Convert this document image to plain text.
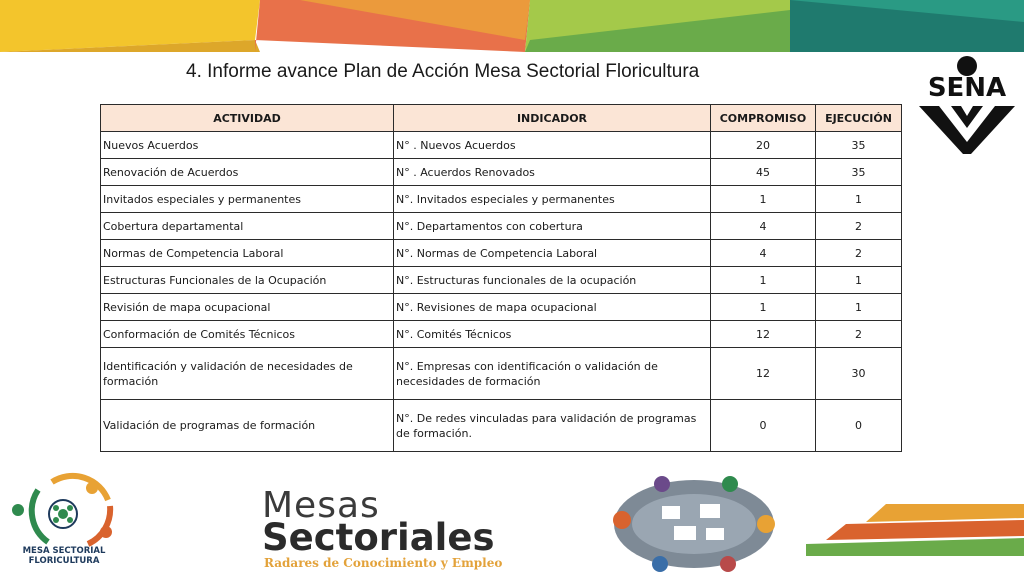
4. Informe avance Plan de Acción Mesa Sectorial Floricultura
SENA
ACTIVIDAD	INDICADOR	COMPROMISO	EJECUCIÓN
Nuevos Acuerdos	N° . Nuevos Acuerdos	20	35
Renovación de Acuerdos	N° . Acuerdos Renovados	45	35
Invitados especiales y permanentes	N°. Invitados especiales y permanentes	1	1
Cobertura departamental	N°. Departamentos con cobertura	4	2
Normas de Competencia Laboral	N°. Normas de Competencia Laboral	4	2
Estructuras Funcionales de la Ocupación	N°. Estructuras funcionales de la ocupación	1	1
Revisión de mapa ocupacional	N°. Revisiones de mapa ocupacional	1	1
Conformación de Comités Técnicos	N°. Comités Técnicos	12	2
Identificación y validación de necesidades de formación	N°. Empresas con identificación o validación de necesidades de formación	12	30
Validación de programas de formación	N°. De redes vinculadas para validación de programas de formación.	0	0
MESA SECTORIAL
FLORICULTURA
Mesas
Sectoriales
Radares de Conocimiento y Empleo
